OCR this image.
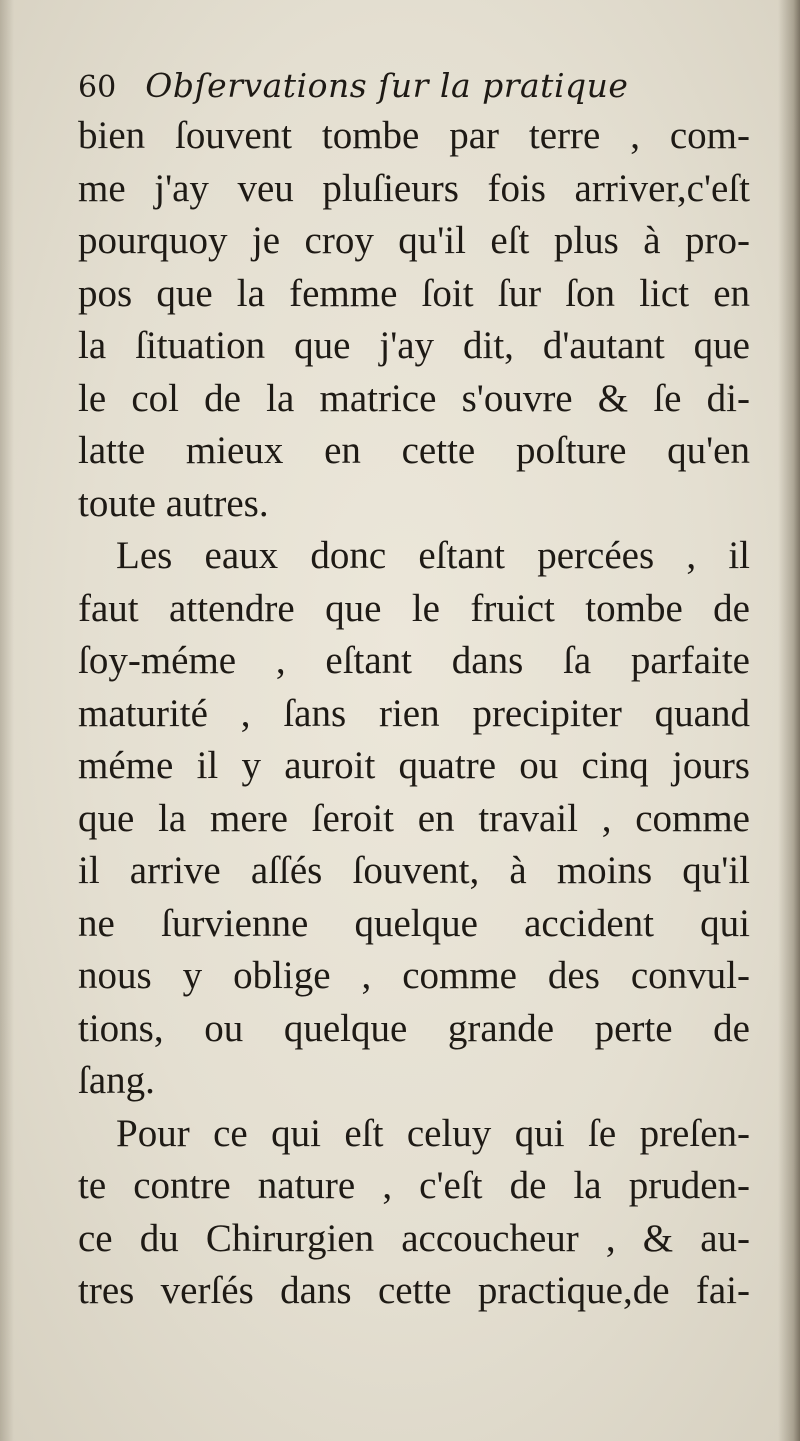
60 Obſervations ſur la pratique
bien ſouvent tombe par terre , com-
me j'ay veu pluſieurs fois arriver,c'eſt
pourquoy je croy qu'il eſt plus à pro-
pos que la femme ſoit ſur ſon lict en
la ſituation que j'ay dit, d'autant que
le col de la matrice s'ouvre & ſe di-
latte mieux en cette poſture qu'en
toute autres.
Les eaux donc eſtant percées , il
faut attendre que le fruict tombe de
ſoy-méme , eſtant dans ſa parfaite
maturité , ſans rien precipiter quand
méme il y auroit quatre ou cinq jours
que la mere ſeroit en travail , comme
il arrive aſſés ſouvent, à moins qu'il
ne ſurvienne quelque accident qui
nous y oblige , comme des convul-
tions, ou quelque grande perte de
ſang.
Pour ce qui eſt celuy qui ſe preſen-
te contre nature , c'eſt de la pruden-
ce du Chirurgien accoucheur , & au-
tres verſés dans cette practique,de fai-
